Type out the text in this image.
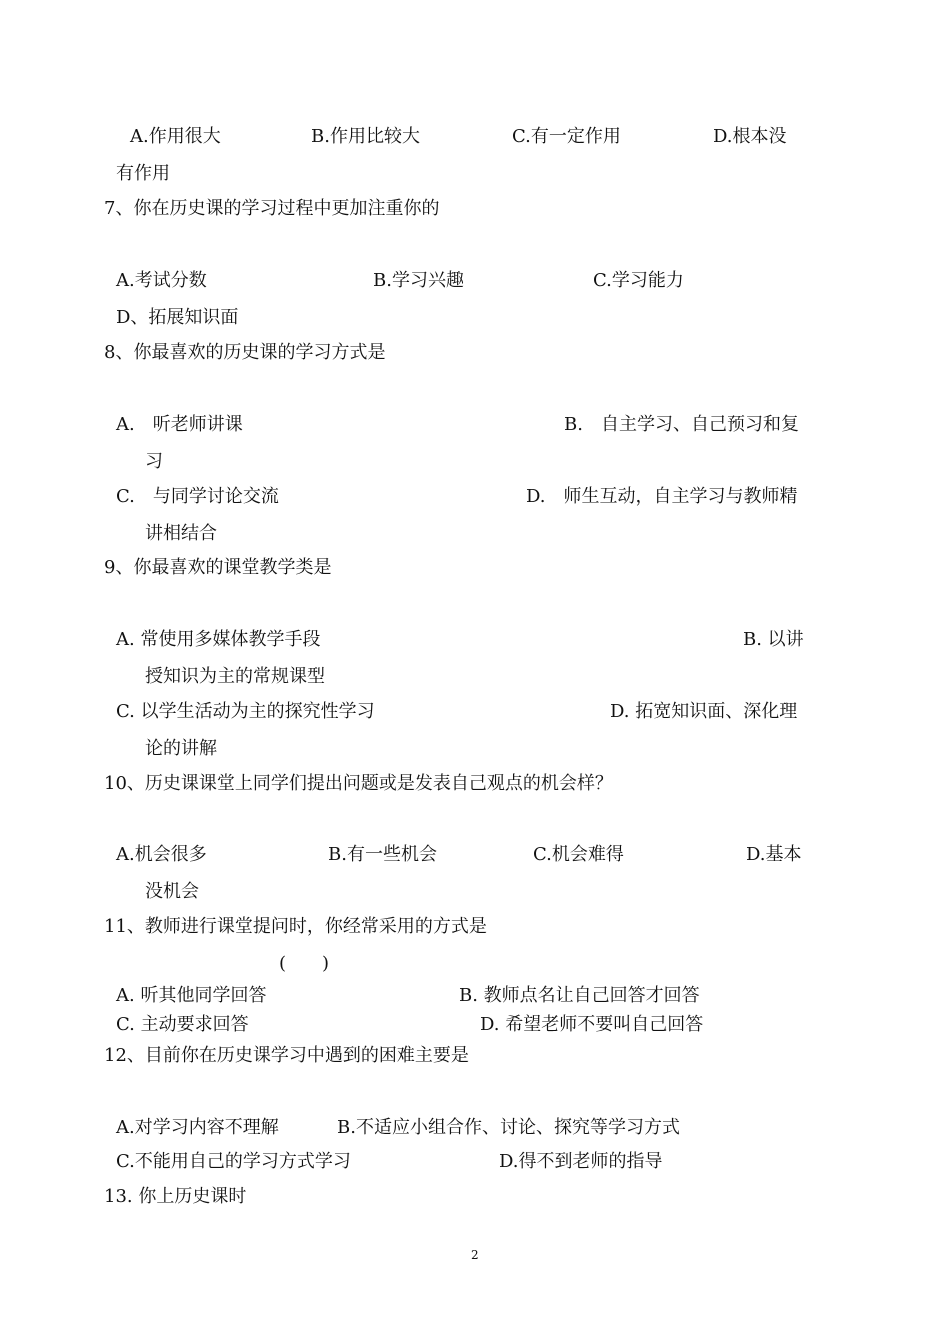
A.作用很大	B.作用比较大	C.有一定作用	D.根本没
有作用
7、你在历史课的学习过程中更加注重你的
A.考试分数	B.学习兴趣	C.学习能力
D、拓展知识面
8、你最喜欢的历史课的学习方式是
A.　听老师讲课	B.　自主学习、自己预习和复
习
C.　与同学讨论交流	D.　师生互动，自主学习与教师精
讲相结合
9、你最喜欢的课堂教学类是
A. 常使用多媒体教学手段	B. 以讲
授知识为主的常规课型
C. 以学生活动为主的探究性学习	D. 拓宽知识面、深化理
论的讲解
10、历史课课堂上同学们提出问题或是发表自己观点的机会样？
A.机会很多	B.有一些机会	C.机会难得	D.基本
没机会
11、教师进行课堂提问时，你经常采用的方式是
(　　)
A. 听其他同学回答	B. 教师点名让自己回答才回答
C. 主动要求回答	D. 希望老师不要叫自己回答
12、目前你在历史课学习中遇到的困难主要是
A.对学习内容不理解	B.不适应小组合作、讨论、探究等学习方式
C.不能用自己的学习方式学习	D.得不到老师的指导
13. 你上历史课时
2
